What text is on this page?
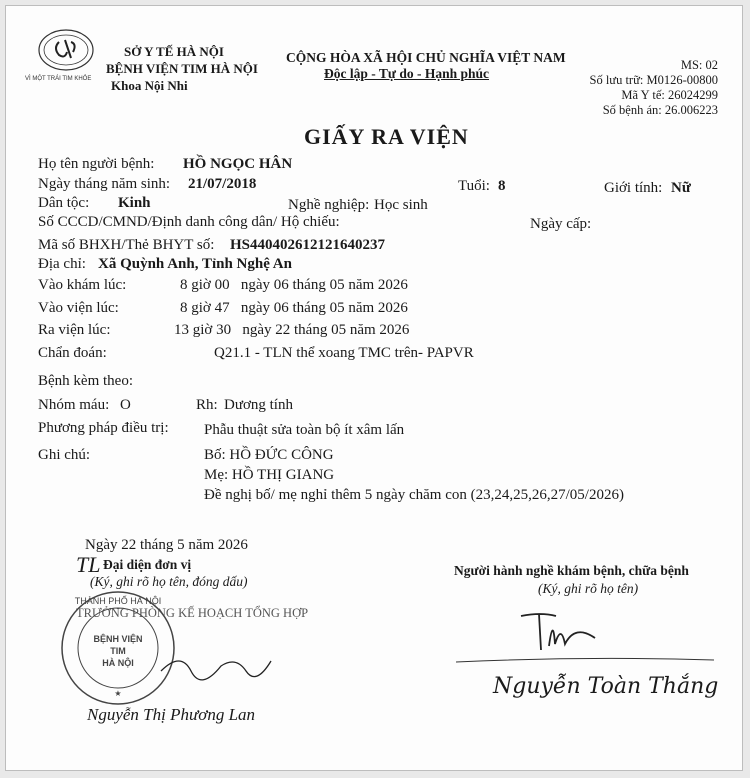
VÌ MỘT TRÁI TIM KHỎE
SỞ Y TẾ HÀ NỘI
BỆNH VIỆN TIM HÀ NỘI
Khoa Nội Nhi
CỘNG HÒA XÃ HỘI CHỦ NGHĨA VIỆT NAM
Độc lập - Tự do - Hạnh phúc
MS: 02
Số lưu trữ: M0126-00800
Mã Y tế: 26024299
Số bệnh án: 26.006223
GIẤY RA VIỆN
Họ tên người bệnh: HỒ NGỌC HÂN
Ngày tháng năm sinh: 21/07/2018	Tuổi: 8	Giới tính: Nữ
Dân tộc: Kinh	Nghề nghiệp: Học sinh
Số CCCD/CMND/Định danh công dân/ Hộ chiếu:	Ngày cấp:
Mã số BHXH/Thẻ BHYT số: HS440402612121640237
Địa chỉ: Xã Quỳnh Anh, Tỉnh Nghệ An
Vào khám lúc:	8 giờ 00   ngày 06 tháng 05 năm 2026
Vào viện lúc:	8 giờ 47   ngày 06 tháng 05 năm 2026
Ra viện lúc:	13 giờ 30   ngày 22 tháng 05 năm 2026
Chẩn đoán:	Q21.1 - TLN thể xoang TMC trên- PAPVR
Bệnh kèm theo:
Nhóm máu: O	Rh: Dương tính
Phương pháp điều trị: Phẫu thuật sửa toàn bộ ít xâm lấn
Ghi chú:	Bố: HỒ ĐỨC CÔNG
Mẹ: HỒ THỊ GIANG
Đề nghị bố/ mẹ nghỉ thêm 5 ngày chăm con (23,24,25,26,27/05/2026)
Ngày 22 tháng 5 năm 2026
TL Đại diện đơn vị
(Ký, ghi rõ họ tên, đóng dấu)
TRƯỞNG PHÒNG KẾ HOẠCH TỔNG HỢP
THÀNH PHỐ HÀ NỘI
BỆNH VIỆN
TIM
HÀ NỘI
★
Nguyễn Thị Phương Lan
Người hành nghề khám bệnh, chữa bệnh
(Ký, ghi rõ họ tên)
Nguyễn Toàn Thắng
